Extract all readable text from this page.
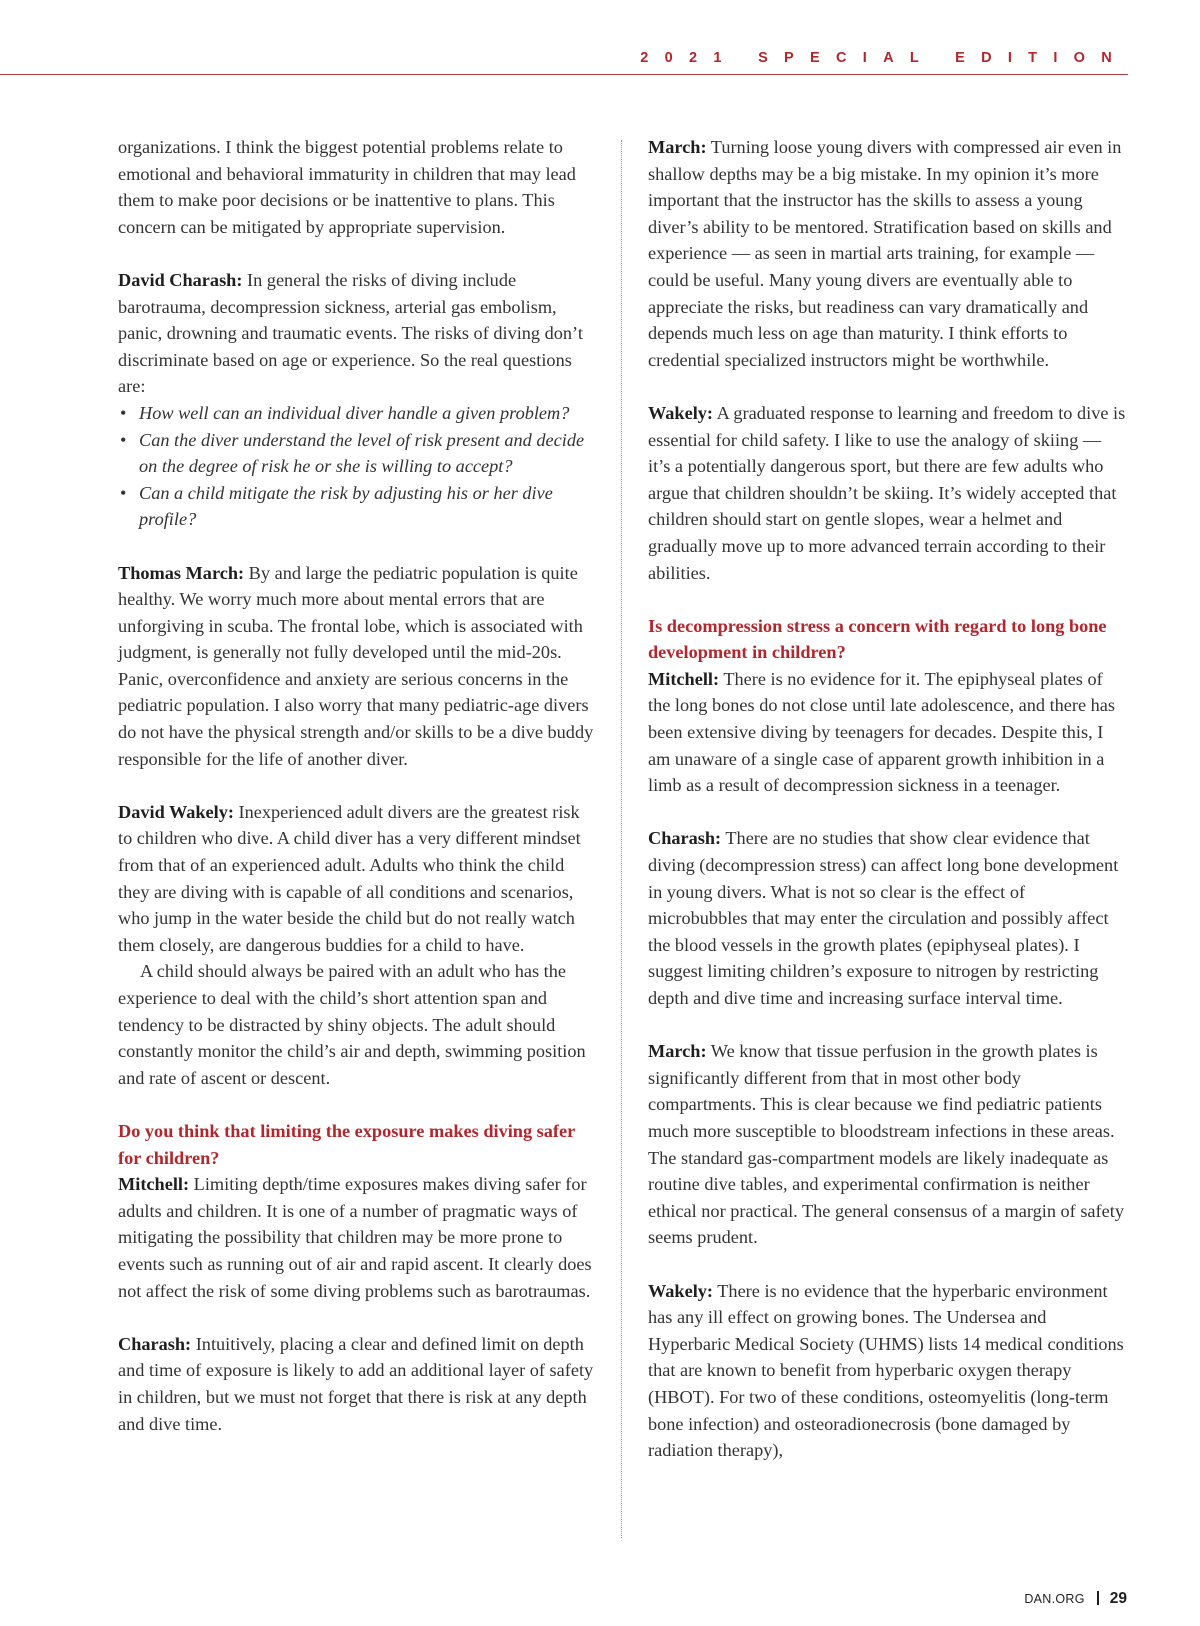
2021 SPECIAL EDITION

organizations. I think the biggest potential problems relate to emotional and behavioral immaturity in children that may lead them to make poor decisions or be inattentive to plans. This concern can be mitigated by appropriate supervision.

David Charash: In general the risks of diving include barotrauma, decompression sickness, arterial gas embolism, panic, drowning and traumatic events. The risks of diving don’t discriminate based on age or experience. So the real questions are:

• How well can an individual diver handle a given problem?
• Can the diver understand the level of risk present and decide on the degree of risk he or she is willing to accept?
• Can a child mitigate the risk by adjusting his or her dive profile?

Thomas March: By and large the pediatric population is quite healthy. We worry much more about mental errors that are unforgiving in scuba. The frontal lobe, which is associated with judgment, is generally not fully developed until the mid-20s. Panic, overconfidence and anxiety are serious concerns in the pediatric population. I also worry that many pediatric-age divers do not have the physical strength and/or skills to be a dive buddy responsible for the life of another diver.

David Wakely: Inexperienced adult divers are the greatest risk to children who dive. A child diver has a very different mindset from that of an experienced adult. Adults who think the child they are diving with is capable of all conditions and scenarios, who jump in the water beside the child but do not really watch them closely, are dangerous buddies for a child to have.

A child should always be paired with an adult who has the experience to deal with the child’s short attention span and tendency to be distracted by shiny objects. The adult should constantly monitor the child’s air and depth, swimming position and rate of ascent or descent.

Do you think that limiting the exposure makes diving safer for children?

Mitchell: Limiting depth/time exposures makes diving safer for adults and children. It is one of a number of pragmatic ways of mitigating the possibility that children may be more prone to events such as running out of air and rapid ascent. It clearly does not affect the risk of some diving problems such as barotraumas.

Charash: Intuitively, placing a clear and defined limit on depth and time of exposure is likely to add an additional layer of safety in children, but we must not forget that there is risk at any depth and dive time.

March: Turning loose young divers with compressed air even in shallow depths may be a big mistake. In my opinion it’s more important that the instructor has the skills to assess a young diver’s ability to be mentored. Stratification based on skills and experience — as seen in martial arts training, for example — could be useful. Many young divers are eventually able to appreciate the risks, but readiness can vary dramatically and depends much less on age than maturity. I think efforts to credential specialized instructors might be worthwhile.

Wakely: A graduated response to learning and freedom to dive is essential for child safety. I like to use the analogy of skiing — it’s a potentially dangerous sport, but there are few adults who argue that children shouldn’t be skiing. It’s widely accepted that children should start on gentle slopes, wear a helmet and gradually move up to more advanced terrain according to their abilities.

Is decompression stress a concern with regard to long bone development in children?

Mitchell: There is no evidence for it. The epiphyseal plates of the long bones do not close until late adolescence, and there has been extensive diving by teenagers for decades. Despite this, I am unaware of a single case of apparent growth inhibition in a limb as a result of decompression sickness in a teenager.

Charash: There are no studies that show clear evidence that diving (decompression stress) can affect long bone development in young divers. What is not so clear is the effect of microbubbles that may enter the circulation and possibly affect the blood vessels in the growth plates (epiphyseal plates). I suggest limiting children’s exposure to nitrogen by restricting depth and dive time and increasing surface interval time.

March: We know that tissue perfusion in the growth plates is significantly different from that in most other body compartments. This is clear because we find pediatric patients much more susceptible to bloodstream infections in these areas. The standard gas-compartment models are likely inadequate as routine dive tables, and experimental confirmation is neither ethical nor practical. The general consensus of a margin of safety seems prudent.

Wakely: There is no evidence that the hyperbaric environment has any ill effect on growing bones. The Undersea and Hyperbaric Medical Society (UHMS) lists 14 medical conditions that are known to benefit from hyperbaric oxygen therapy (HBOT). For two of these conditions, osteomyelitis (long-term bone infection) and osteoradionecrosis (bone damaged by radiation therapy),

DAN.ORG 29
